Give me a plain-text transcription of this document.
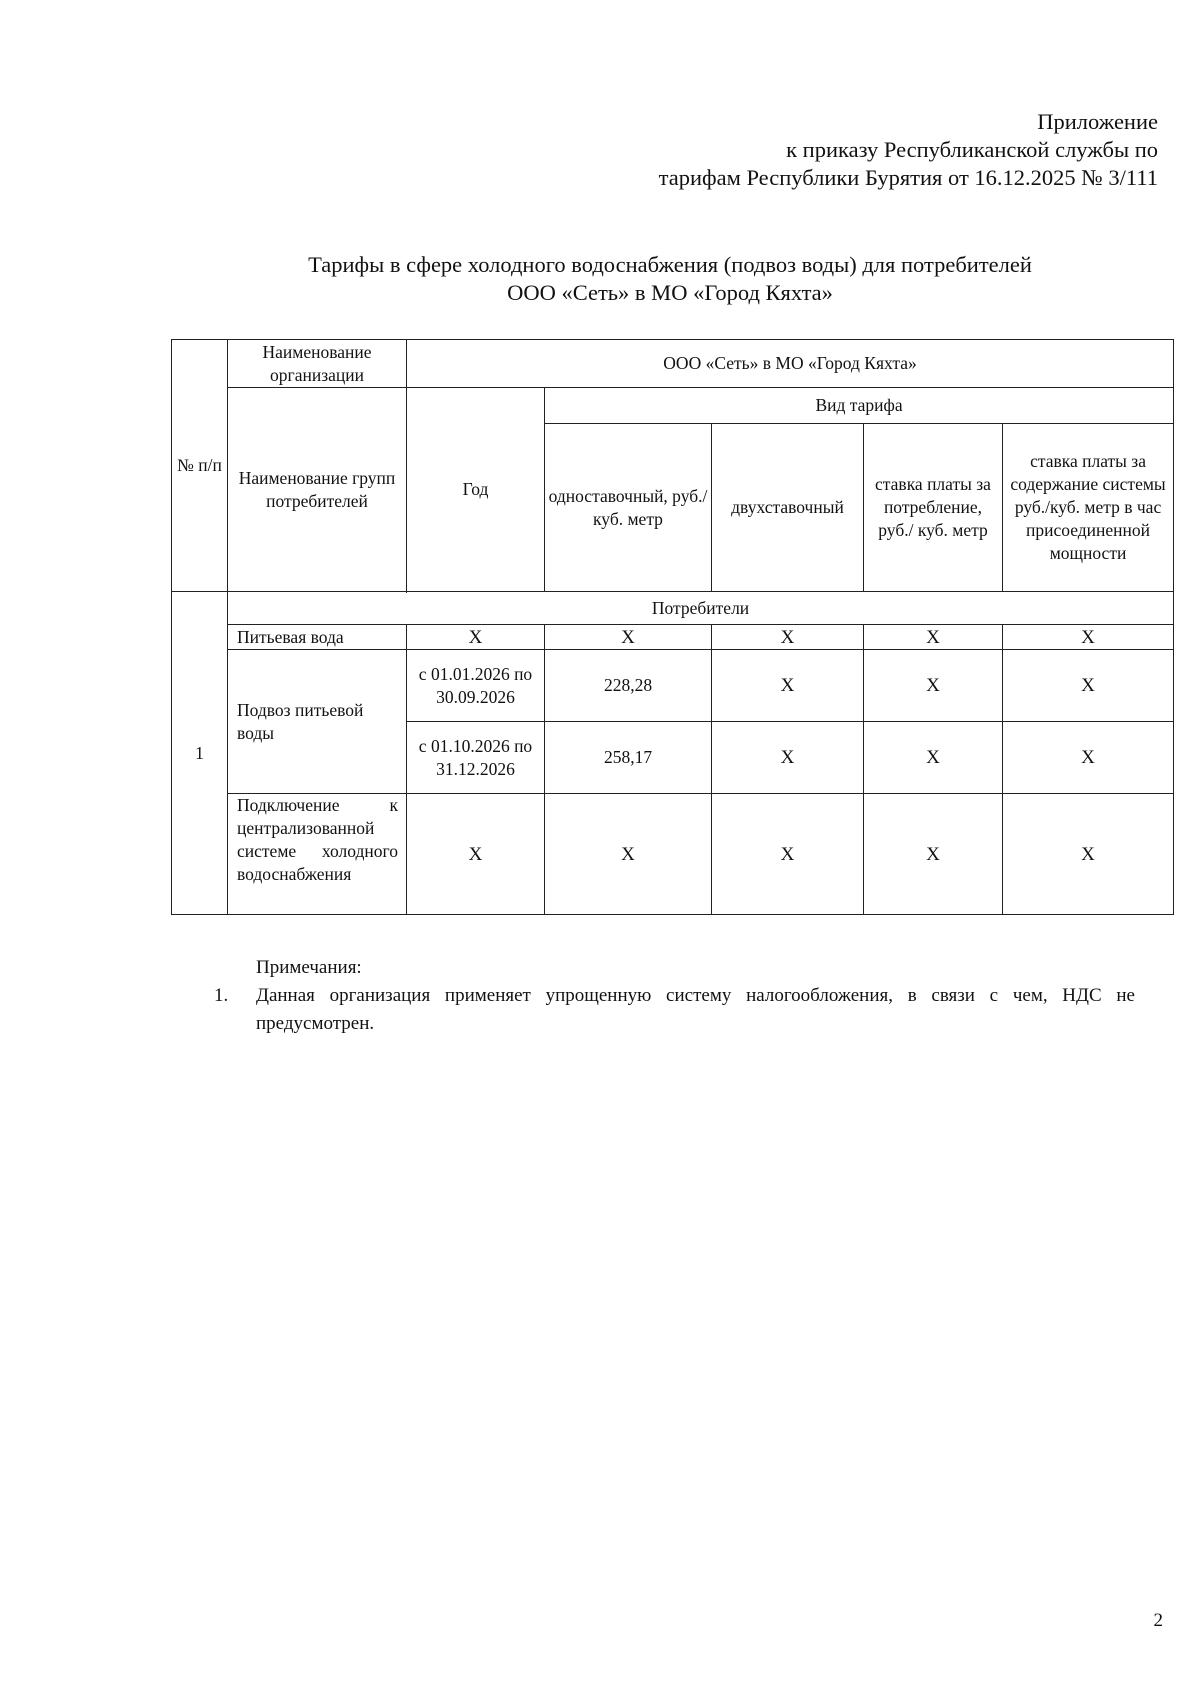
Приложение
к приказу Республиканской службы по
тарифам Республики Бурятия от 16.12.2025 № 3/111
Тарифы в сфере холодного водоснабжения (подвоз воды) для потребителей
ООО «Сеть» в МО «Город Кяхта»
№ п/п	Наименование организации	ООО «Сеть» в МО «Город Кяхта»				
	Наименование групп потребителей	Год	Вид тарифа			
			одноставочный, руб./ куб. метр	двухставочный	ставка платы за потребление, руб./ куб. метр	ставка платы за содержание системы руб./куб. метр в час присоединенной мощности

1	Потребители					
	Питьевая вода	Х	Х	Х	Х	Х
	Подвоз питьевой воды	с 01.01.2026 по 30.09.2026	228,28	Х	Х	Х
		с 01.10.2026 по 31.12.2026	258,17	Х	Х	Х
	Подключение к централизованной системе холодного водоснабжения	Х	Х	Х	Х	Х
Примечания:
1.	Данная организация применяет упрощенную систему налогообложения, в связи с чем, НДС не предусмотрен.
2
